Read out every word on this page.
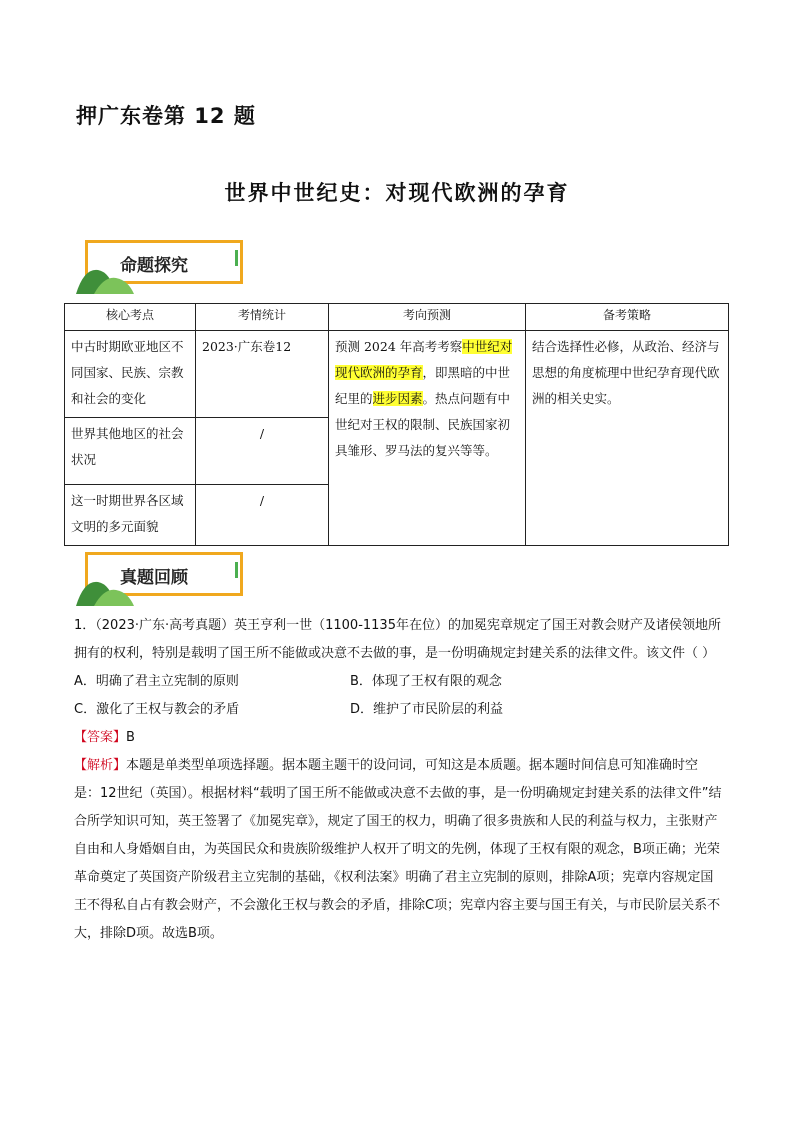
押广东卷第 12 题
世界中世纪史：对现代欧洲的孕育
命题探究
核心考点	考情统计	考向预测	备考策略
中古时期欧亚地区不同国家、民族、宗教和社会的变化	2023·广东卷12	预测 2024 年高考考察中世纪对现代欧洲的孕育，即黑暗的中世纪里的进步因素。热点问题有中世纪对王权的限制、民族国家初具雏形、罗马法的复兴等等。	结合选择性必修，从政治、经济与思想的角度梳理中世纪孕育现代欧洲的相关史实。
世界其他地区的社会状况	/		
这一时期世界各区域文明的多元面貌	/		
真题回顾

1．（2023·广东·高考真题）英王亨利一世（1100-1135年在位）的加冕宪章规定了国王对教会财产及诸侯领地所拥有的权利，特别是载明了国王所不能做或决意不去做的事，是一份明确规定封建关系的法律文件。该文件（ ）

A．明确了君主立宪制的原则	B．体现了王权有限的观念
C．激化了王权与教会的矛盾	D．维护了市民阶层的利益

【答案】B

【解析】本题是单类型单项选择题。据本题主题干的设问词，可知这是本质题。据本题时间信息可知准确时空是：12世纪（英国）。根据材料“载明了国王所不能做或决意不去做的事，是一份明确规定封建关系的法律文件”结合所学知识可知，英王签署了《加冕宪章》，规定了国王的权力，明确了很多贵族和人民的利益与权力，主张财产自由和人身婚姻自由，为英国民众和贵族阶级维护人权开了明文的先例，体现了王权有限的观念，B项正确；光荣革命奠定了英国资产阶级君主立宪制的基础，《权利法案》明确了君主立宪制的原则，排除A项；宪章内容规定国王不得私自占有教会财产，不会激化王权与教会的矛盾，排除C项；宪章内容主要与国王有关，与市民阶层关系不大，排除D项。故选B项。
